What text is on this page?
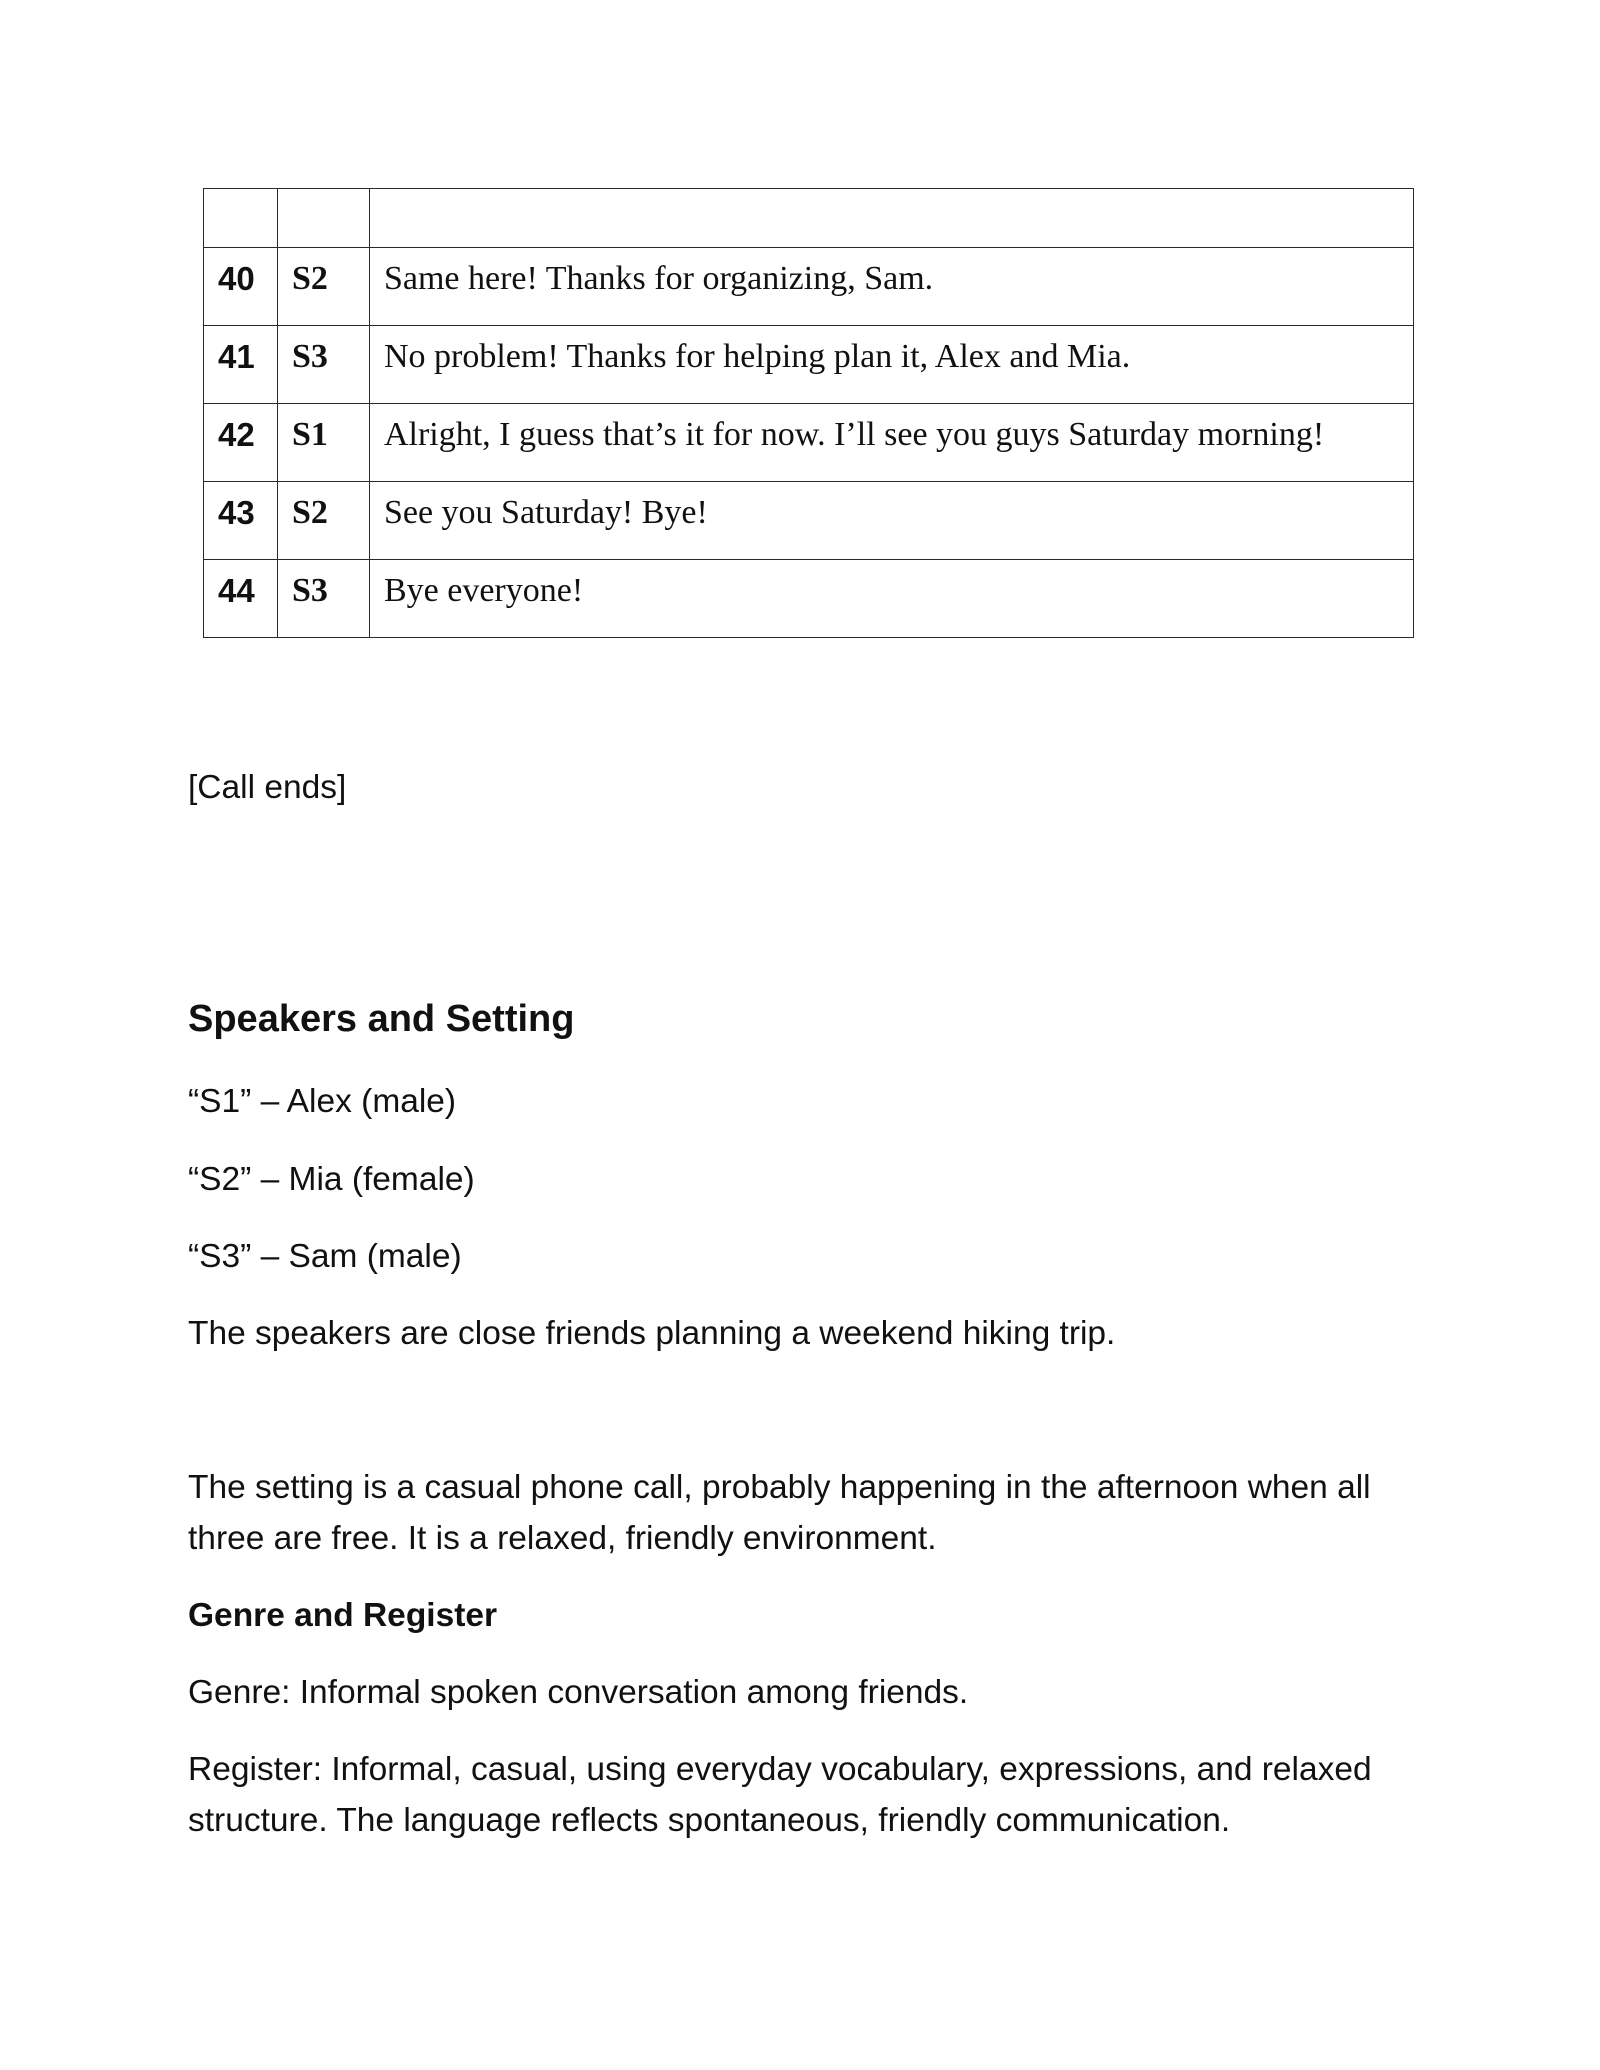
40	S2	Same here! Thanks for organizing, Sam.
41	S3	No problem! Thanks for helping plan it, Alex and Mia.
42	S1	Alright, I guess that’s it for now. I’ll see you guys Saturday morning!
43	S2	See you Saturday! Bye!
44	S3	Bye everyone!

[Call ends]

Speakers and Setting

“S1” – Alex (male)

“S2” – Mia (female)

“S3” – Sam (male)

The speakers are close friends planning a weekend hiking trip.

The setting is a casual phone call, probably happening in the afternoon when all three are free. It is a relaxed, friendly environment.

Genre and Register

Genre: Informal spoken conversation among friends.

Register: Informal, casual, using everyday vocabulary, expressions, and relaxed structure. The language reflects spontaneous, friendly communication.
